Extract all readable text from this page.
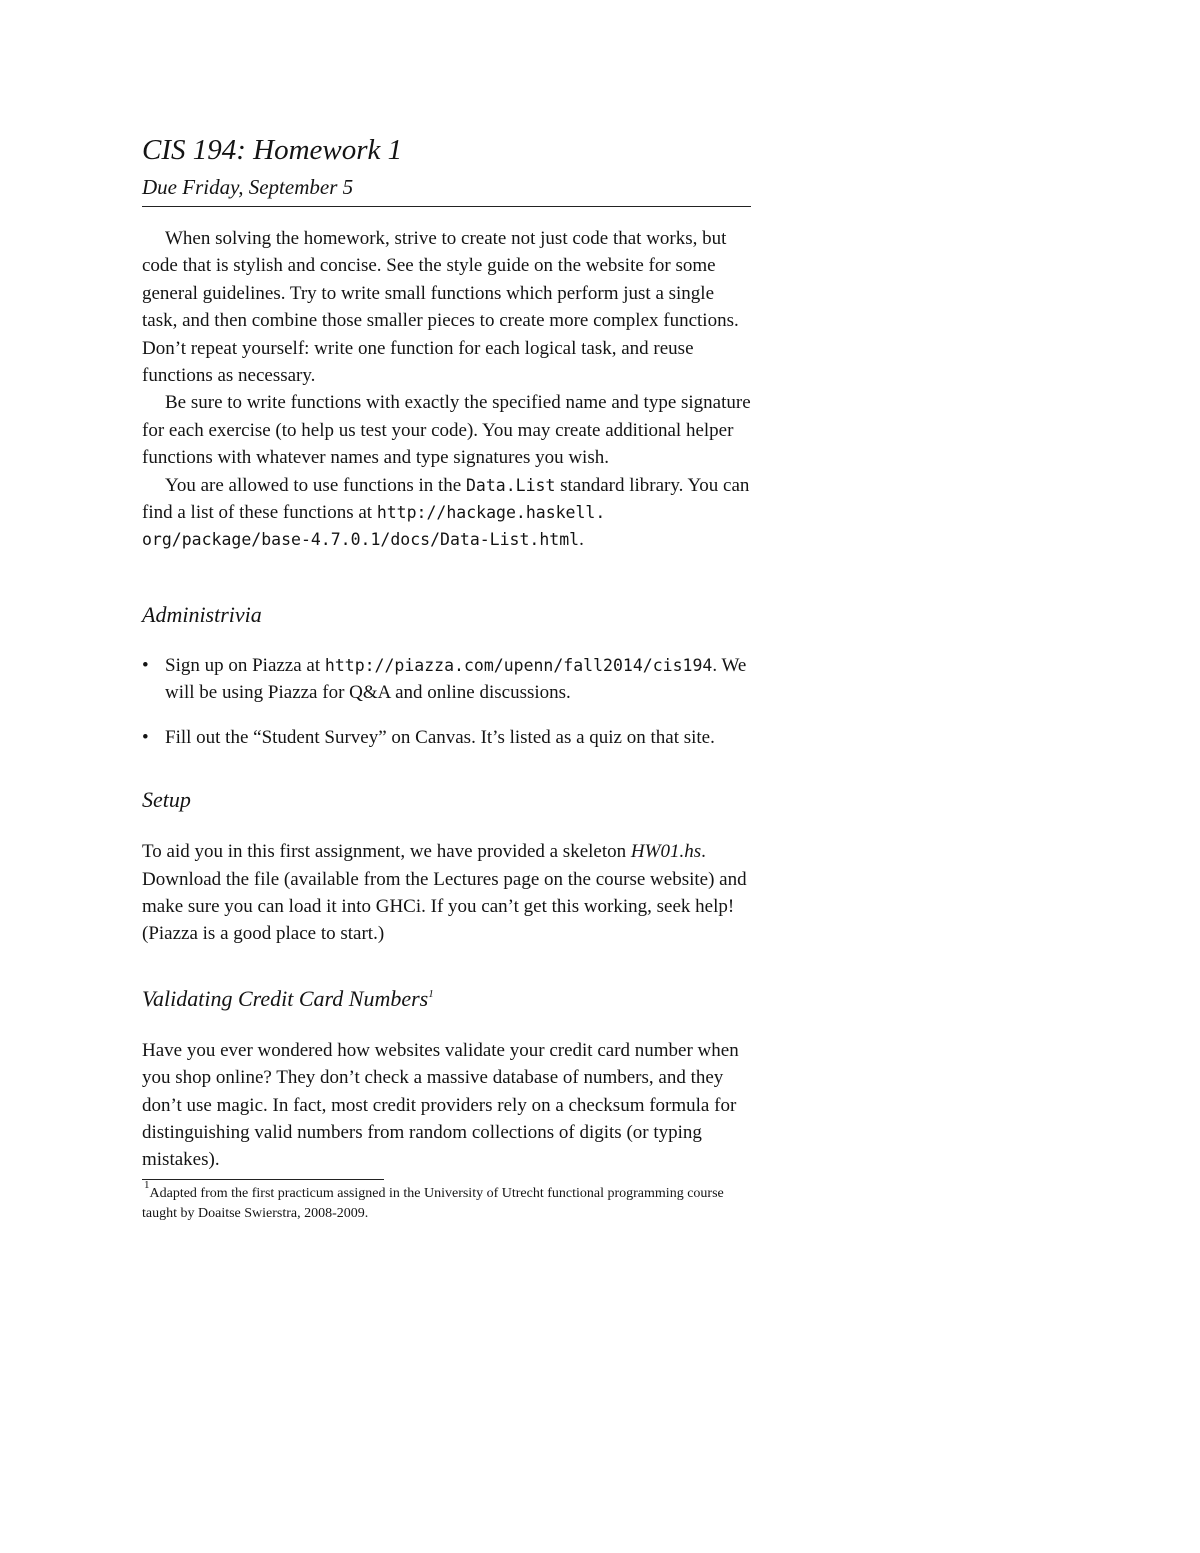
CIS 194: Homework 1
Due Friday, September 5

When solving the homework, strive to create not just code that works, but code that is stylish and concise. See the style guide on the website for some general guidelines. Try to write small functions which perform just a single task, and then combine those smaller pieces to create more complex functions. Don’t repeat yourself: write one function for each logical task, and reuse functions as necessary.

Be sure to write functions with exactly the specified name and type signature for each exercise (to help us test your code). You may create additional helper functions with whatever names and type signatures you wish.

You are allowed to use functions in the Data.List standard library. You can find a list of these functions at http://hackage.haskell.
org/package/base-4.7.0.1/docs/Data-List.html.

Administrivia
• Sign up on Piazza at http://piazza.com/upenn/fall2014/cis194. We will be using Piazza for Q&A and online discussions.
• Fill out the “Student Survey” on Canvas. It’s listed as a quiz on that site.
Setup
To aid you in this first assignment, we have provided a skeleton HW01.hs. Download the file (available from the Lectures page on the course website) and make sure you can load it into GHCi. If you can’t get this working, seek help! (Piazza is a good place to start.)
Validating Credit Card Numbers$^1$
Have you ever wondered how websites validate your credit card number when you shop online? They don’t check a massive database of numbers, and they don’t use magic. In fact, most credit providers rely on a checksum formula for distinguishing valid numbers from random collections of digits (or typing mistakes).
$^1$Adapted from the first practicum assigned in the University of Utrecht functional programming course taught by Doaitse Swierstra, 2008-2009.
